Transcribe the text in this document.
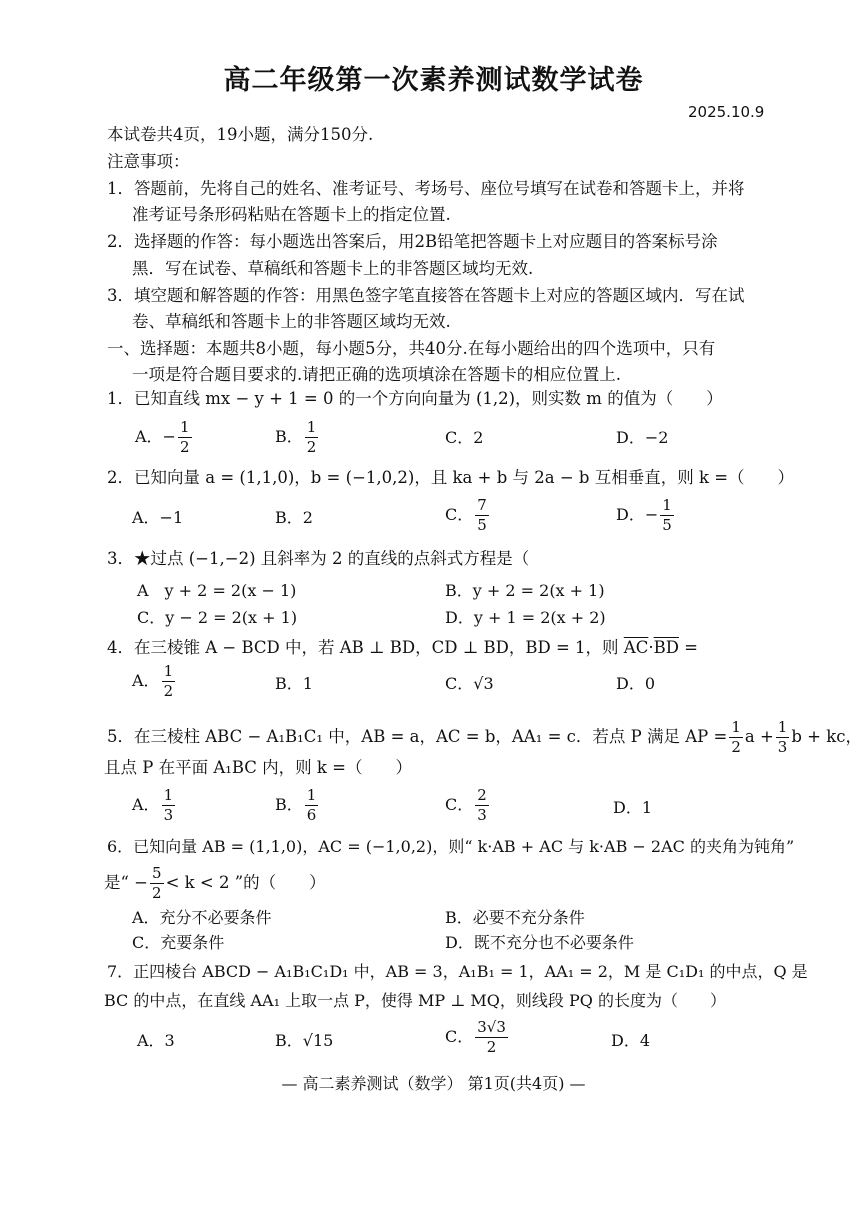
高二年级第一次素养测试数学试卷
2025.10.9
本试卷共4页，19小题，满分150分.
注意事项：
1．答题前，先将自己的姓名、准考证号、考场号、座位号填写在试卷和答题卡上，并将
准考证号条形码粘贴在答题卡上的指定位置.
2．选择题的作答：每小题选出答案后，用2B铅笔把答题卡上对应题目的答案标号涂
黑．写在试卷、草稿纸和答题卡上的非答题区域均无效.
3．填空题和解答题的作答：用黑色签字笔直接答在答题卡上对应的答题区域内．写在试
卷、草稿纸和答题卡上的非答题区域均无效.
一、选择题：本题共8小题，每小题5分，共40分.在每小题给出的四个选项中，只有
一项是符合题目要求的.请把正确的选项填涂在答题卡的相应位置上.
1．已知直线 mx − y + 1 = 0 的一个方向向量为 (1,2)，则实数 m 的值为（　　）
A．− $\frac{1}{2}$	B． $\frac{1}{2}$	C．2	D．−2
2．已知向量 a = (1,1,0)，b = (−1,0,2)，且 ka + b 与 2a − b 互相垂直，则 k =（　　）
A．−1	B．2	C． $\frac{7}{5}$	D．− $\frac{1}{5}$
3．★过点 (−1,−2) 且斜率为 2 的直线的点斜式方程是（
A　y + 2 = 2(x − 1)	B．y + 2 = 2(x + 1)
C．y − 2 = 2(x + 1)	D．y + 1 = 2(x + 2)
4．在三棱锥 A − BCD 中，若 AB ⊥ BD，CD ⊥ BD，BD = 1，则 $\overline{AC}\cdot\overline{BD}$ =
A． $\frac{1}{2}$	B．1	C．√3	D．0
5．在三棱柱 ABC − A₁B₁C₁ 中，AB = a，AC = b，AA₁ = c．若点 P 满足 AP = $\frac{1}{2}$ $a + \frac{1}{3}$ b + kc，
且点 P 在平面 A₁BC 内，则 k =（　　）
A． $\frac{1}{3}$	B． $\frac{1}{6}$	C． $\frac{2}{3}$	D．1
6．已知向量 AB = (1,1,0)，AC = (−1,0,2)，则“ k·AB + AC 与 k·AB − 2AC 的夹角为钝角”
是“ − $\frac{5}{2} < k < 2$ ”的（　　）
A．充分不必要条件	B．必要不充分条件
C．充要条件	D．既不充分也不必要条件
7．正四棱台 ABCD − A₁B₁C₁D₁ 中，AB = 3，A₁B₁ = 1，AA₁ = 2，M 是 C₁D₁ 的中点，Q 是
BC 的中点，在直线 AA₁ 上取一点 P，使得 MP ⊥ MQ，则线段 PQ 的长度为（　　）
A．3	B．√15	C． $\frac{3√3}{2}$	D．4
— 高二素养测试（数学） 第1页(共4页) —
